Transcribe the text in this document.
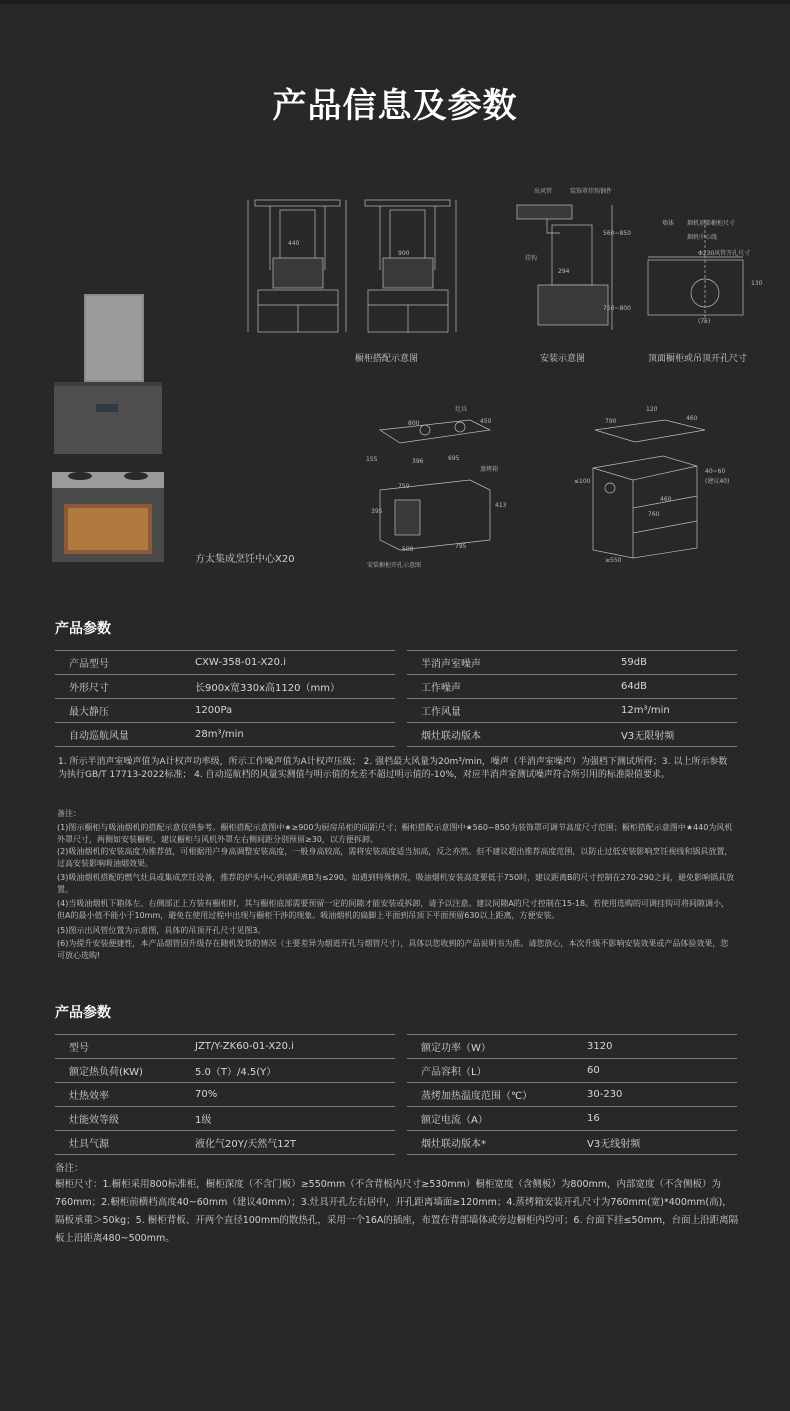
产品信息及参数
440
900
橱柜搭配示意图
出风管	装饰罩挂钩钢件
挂钩
294
560~850
750~800
安装示意图
墙体 烟机顶部橱柜尺寸
烟机中心线
Φ230风管开孔尺寸
(75)
130
顶面橱柜或吊顶开孔尺寸
方太集成烹饪中心X20
灶具
800	450
155	396	695
蒸烤箱
750
395
413
508	795
安装橱柜开孔示意图
790
120
460
40~60
(建议40)
≤100
460
760
≥550
产品参数
产品型号	CXW-358-01-X20.i	半消声室噪声	59dB
外形尺寸	长900x宽330x高1120（mm）	工作噪声	64dB
最大静压	1200Pa	工作风量	12m³/min
自动巡航风量	28m³/min	烟灶联动版本	V3无限射频
1. 所示半消声室噪声值为A计权声功率级，所示工作噪声值为A计权声压级； 2. 强档最大风量为20m³/min，噪声（半消声室噪声）为强档下测试所得；3. 以上所示参数为执行GB/T 17713-2022标准； 4. 自动巡航档的风量实测值与明示值的允差不超过明示值的-10%，对应半消声室测试噪声符合所引用的标准限值要求。
备注：
(1)图示橱柜与吸油烟机的搭配示意仅供参考。橱柜搭配示意图中★≥900为厨房吊柜的间距尺寸；橱柜搭配示意图中★560~850为装饰罩可调节高度尺寸范围；橱柜搭配示意图中★440为风机外罩尺寸，两侧如安装橱柜，建议橱柜与风机外罩左右侧间距分别预留≥30，以方便拆卸。
(2)吸油烟机的安装高度为推荐值，可根据用户身高调整安装高度，一般身高较高，需将安装高度适当加高，反之亦然。但不建议超出推荐高度范围，以防止过低安装影响烹饪视线和锅具放置，过高安装影响吸油烟效果。
(3)吸油烟机搭配的燃气灶具或集成烹饪设备，推荐的炉头中心到墙距离B为≤290。如遇到特殊情况，吸油烟机安装高度要低于750时，建议距离B的尺寸控制在270-290之间，避免影响锅具放置。
(4)当吸油烟机下箱体左、右侧部正上方装有橱柜时，其与橱柜底部需要预留一定的间隙才能安装或拆卸，请予以注意。建议间隙A的尺寸控制在15-18。若使用选购的可调挂钩可将间隙调小，但A的最小值不能小于10mm，避免在使用过程中出现与橱柜干涉的现象。吸油烟机的扁脚上平面到吊顶下平面预留630以上距离，方便安装。
(5)图示出风管位置为示意图，具体的吊顶开孔尺寸见图3。
(6)为提升安装便捷性，本产品烟管因升级存在随机发货的情况（主要差异为烟道开孔与烟管尺寸），具体以您收到的产品说明书为准。请您放心，本次升级不影响安装效果或产品体验效果，您可放心选购!
产品参数
型号	JZT/Y-ZK60-01-X20.i	额定功率（W）	3120
额定热负荷(KW)	5.0（T）/4.5(Y）	产品容积（L）	60
灶热效率	70%	蒸烤加热温度范围（℃）	30-230
灶能效等级	1级	额定电流（A）	16
灶具气源	液化气20Y/天然气12T	烟灶联动版本*	V3无线射频
备注：
橱柜尺寸：1.橱柜采用800标准柜，橱柜深度（不含门板）≥550mm（不含背板内尺寸≥530mm）橱柜宽度（含侧板）为800mm，内部宽度（不含侧板）为760mm；2.橱柜前横档高度40~60mm（建议40mm）；3.灶具开孔左右居中，开孔距离墙面≥120mm；4.蒸烤箱安装开孔尺寸为760mm(宽)*400mm(高)，隔板承重＞50kg；5. 橱柜背板、开两个直径100mm的散热孔，采用一个16A的插座，布置在背部墙体或旁边橱柜内均可；6. 台面下挂≤50mm，台面上沿距离隔板上沿距离480~500mm。
